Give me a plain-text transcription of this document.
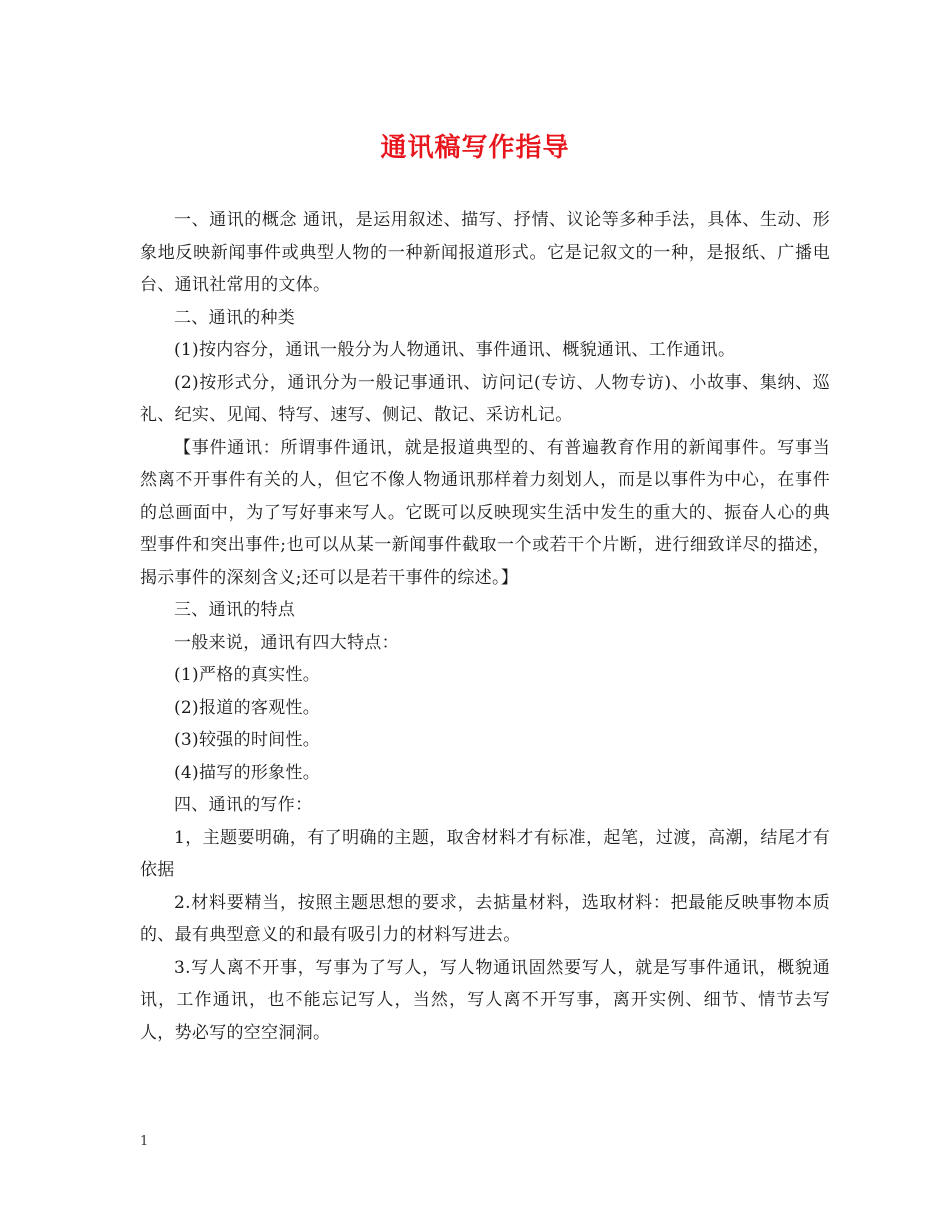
通讯稿写作指导

一、通讯的概念 通讯，是运用叙述、描写、抒情、议论等多种手法，具体、生动、形象地反映新闻事件或典型人物的一种新闻报道形式。它是记叙文的一种，是报纸、广播电台、通讯社常用的文体。

二、通讯的种类

(1)按内容分，通讯一般分为人物通讯、事件通讯、概貌通讯、工作通讯。

(2)按形式分，通讯分为一般记事通讯、访问记(专访、人物专访)、小故事、集纳、巡礼、纪实、见闻、特写、速写、侧记、散记、采访札记。

【事件通讯：所谓事件通讯，就是报道典型的、有普遍教育作用的新闻事件。写事当然离不开事件有关的人，但它不像人物通讯那样着力刻划人，而是以事件为中心，在事件的总画面中，为了写好事来写人。它既可以反映现实生活中发生的重大的、振奋人心的典型事件和突出事件;也可以从某一新闻事件截取一个或若干个片断，进行细致详尽的描述，揭示事件的深刻含义;还可以是若干事件的综述。】

三、通讯的特点

一般来说，通讯有四大特点：

(1)严格的真实性。

(2)报道的客观性。

(3)较强的时间性。

(4)描写的形象性。

四、通讯的写作：

1，主题要明确，有了明确的主题，取舍材料才有标准，起笔，过渡，高潮，结尾才有依据

2.材料要精当，按照主题思想的要求，去掂量材料，选取材料：把最能反映事物本质的、最有典型意义的和最有吸引力的材料写进去。

3.写人离不开事，写事为了写人，写人物通讯固然要写人，就是写事件通讯，概貌通讯，工作通讯，也不能忘记写人，当然，写人离不开写事，离开实例、细节、情节去写人，势必写的空空洞洞。

1
